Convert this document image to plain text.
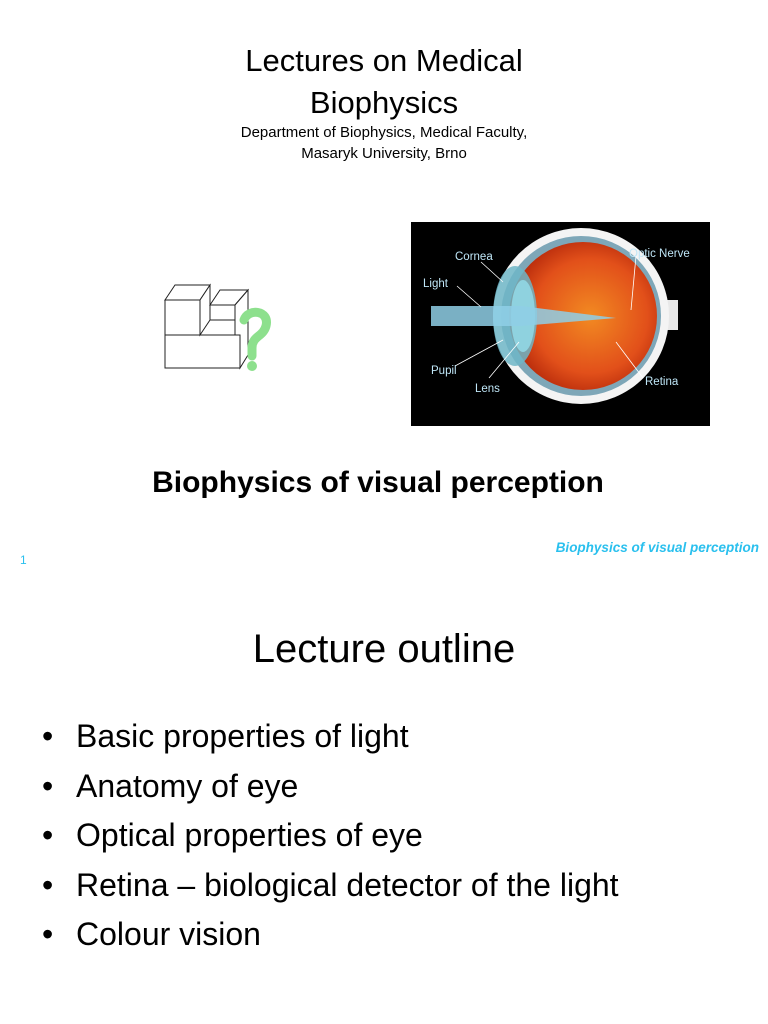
Lectures on Medical
Biophysics
Department of Biophysics, Medical Faculty,
Masaryk University, Brno
Cornea
Light
Pupil
Lens
Optic Nerve
Retina
Biophysics of visual perception
Biophysics of visual perception
1
Lecture outline
• Basic properties of light
• Anatomy of eye
• Optical properties of eye
• Retina – biological detector of the light
• Colour vision
